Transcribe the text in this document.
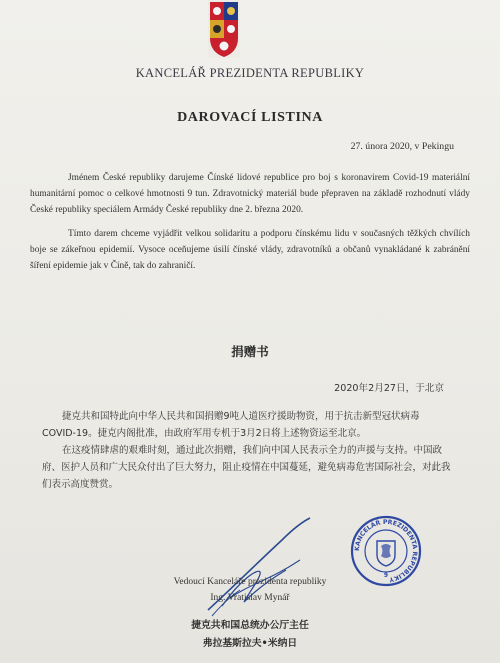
KANCELÁŘ PREZIDENTA REPUBLIKY
DAROVACÍ LISTINA
27. února 2020, v Pekingu

Jménem České republiky darujeme Čínské lidové republice pro boj s koronavirem Covid-19 materiální humanitární pomoc o celkové hmotnosti 9 tun. Zdravotnický materiál bude přepraven na základě rozhodnutí vlády České republiky speciálem Armády České republiky dne 2. března 2020.

Tímto darem chceme vyjádřit velkou solidaritu a podporu čínskému lidu v současných těžkých chvílích boje se zákeřnou epidemií. Vysoce oceňujeme úsilí čínské vlády, zdravotníků a občanů vynakládané k zabránění šíření epidemie jak v Číně, tak do zahraničí.

捐赠书
2020年2月27日，于北京

捷克共和国特此向中华人民共和国捐赠9吨人道医疗援助物资，用于抗击新型冠状病毒COVID-19。捷克内阁批准，由政府军用专机于3月2日将上述物资运至北京。

在这疫情肆虐的艰难时刻，通过此次捐赠，我们向中国人民表示全力的声援与支持。中国政府、医护人员和广大民众付出了巨大努力，阻止疫情在中国蔓延，避免病毒危害国际社会，对此我们表示高度赞赏。

KANCELÁŘ PREZIDENTA REPUBLIKY
9
Vedoucí Kanceláře prezidenta republiky
Ing. Vratislav Mynář
捷克共和国总统办公厅主任
弗拉基斯拉夫•米纳日
